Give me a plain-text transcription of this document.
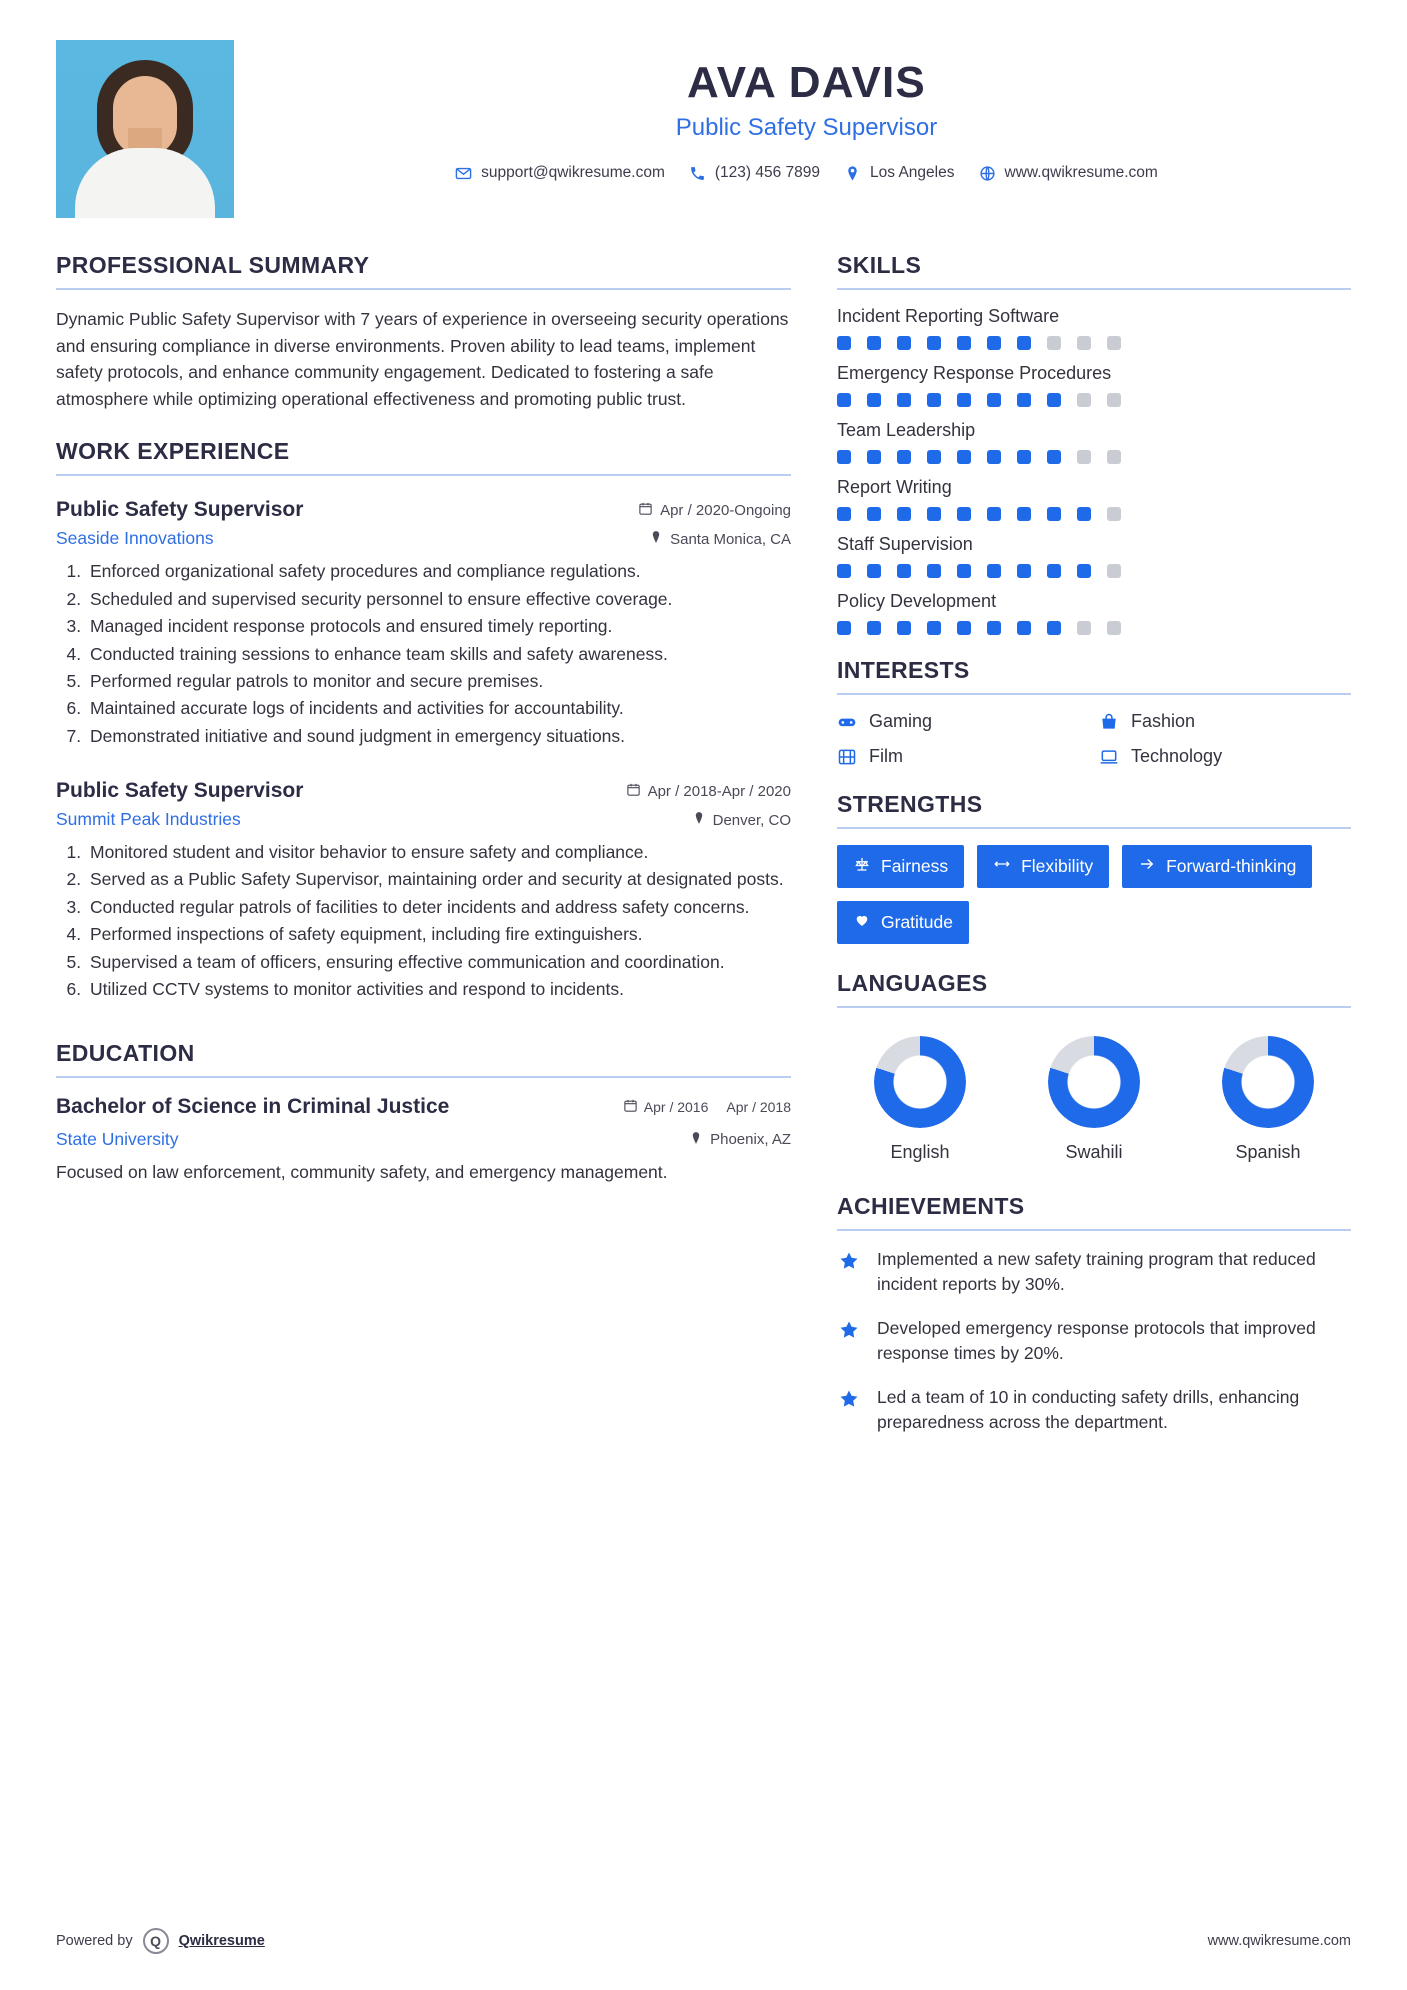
AVA DAVIS
Public Safety Supervisor
support@qwikresume.com	(123) 456 7899	Los Angeles	www.qwikresume.com
PROFESSIONAL SUMMARY
Dynamic Public Safety Supervisor with 7 years of experience in overseeing security operations and ensuring compliance in diverse environments. Proven ability to lead teams, implement safety protocols, and enhance community engagement. Dedicated to fostering a safe atmosphere while optimizing operational effectiveness and promoting public trust.
WORK EXPERIENCE
Public Safety Supervisor	Apr / 2020-Ongoing
Seaside Innovations	Santa Monica, CA
1. Enforced organizational safety procedures and compliance regulations.
2. Scheduled and supervised security personnel to ensure effective coverage.
3. Managed incident response protocols and ensured timely reporting.
4. Conducted training sessions to enhance team skills and safety awareness.
5. Performed regular patrols to monitor and secure premises.
6. Maintained accurate logs of incidents and activities for accountability.
7. Demonstrated initiative and sound judgment in emergency situations.
Public Safety Supervisor	Apr / 2018-Apr / 2020
Summit Peak Industries	Denver, CO
1. Monitored student and visitor behavior to ensure safety and compliance.
2. Served as a Public Safety Supervisor, maintaining order and security at designated posts.
3. Conducted regular patrols of facilities to deter incidents and address safety concerns.
4. Performed inspections of safety equipment, including fire extinguishers.
5. Supervised a team of officers, ensuring effective communication and coordination.
6. Utilized CCTV systems to monitor activities and respond to incidents.
EDUCATION
Bachelor of Science in Criminal Justice	Apr / 2016 Apr / 2018
State University	Phoenix, AZ
Focused on law enforcement, community safety, and emergency management.
SKILLS
Incident Reporting Software
Emergency Response Procedures
Team Leadership
Report Writing
Staff Supervision
Policy Development
INTERESTS
Gaming	Fashion
Film	Technology
STRENGTHS
Fairness	Flexibility	Forward-thinking
Gratitude
LANGUAGES
English	Swahili	Spanish
ACHIEVEMENTS
Implemented a new safety training program that reduced incident reports by 30%.
Developed emergency response protocols that improved response times by 20%.
Led a team of 10 in conducting safety drills, enhancing preparedness across the department.
Powered by	Q	Qwikresume	www.qwikresume.com
